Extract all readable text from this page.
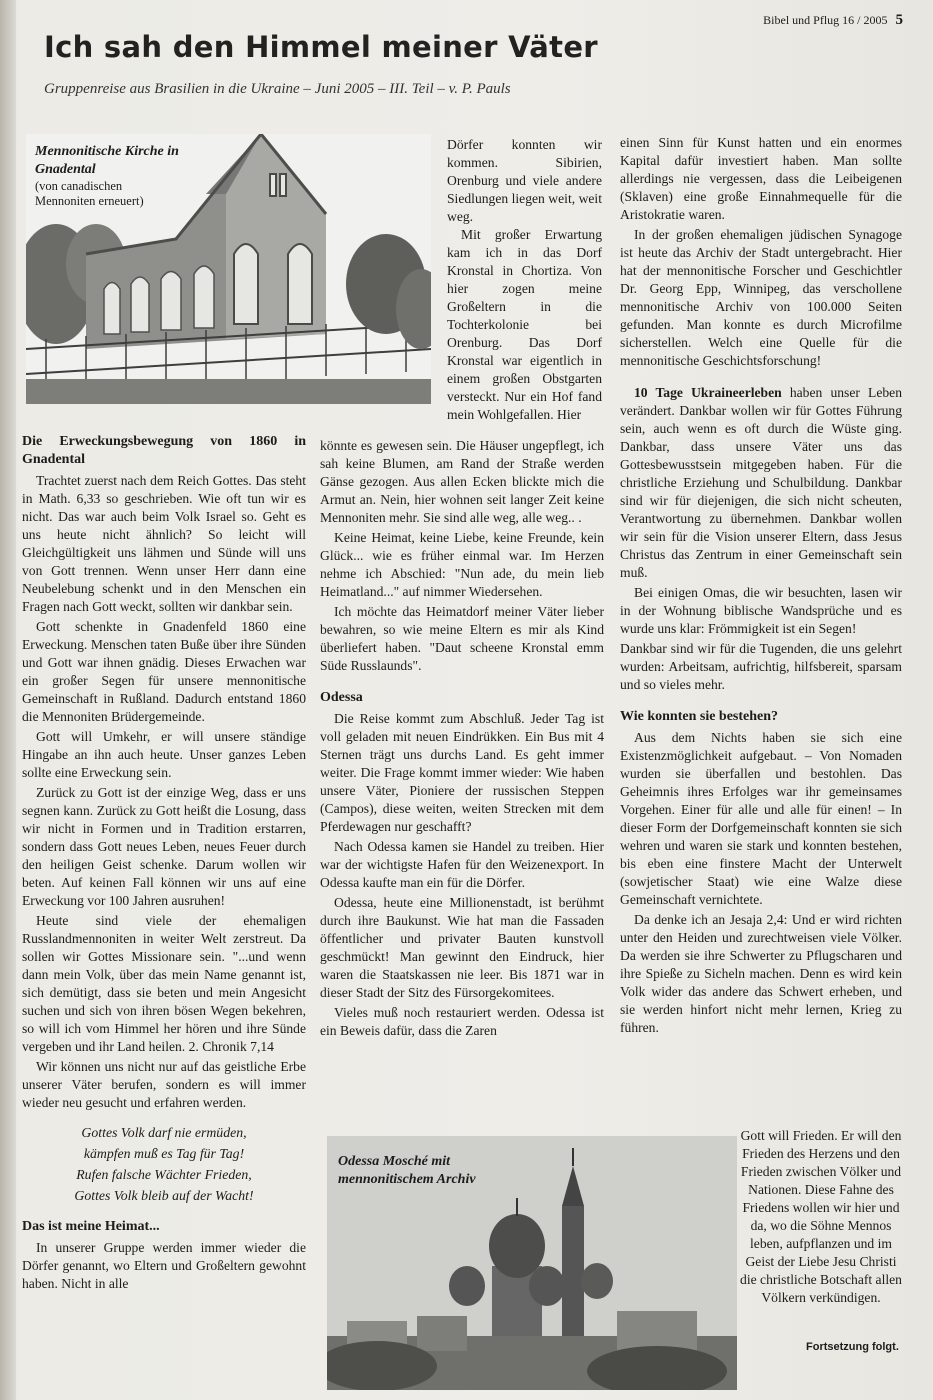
Bibel und Pflug 16 / 2005 5
Ich sah den Himmel meiner Väter
Gruppenreise aus Brasilien in die Ukraine – Juni 2005 – III. Teil – v. P. Pauls
Mennonitische Kirche in Gnadental
(von canadischen Mennoniten erneuert)
Die Erweckungsbewegung von 1860 in Gnadental

Trachtet zuerst nach dem Reich Gottes. Das steht in Math. 6,33 so geschrieben. Wie oft tun wir es nicht. Das war auch beim Volk Israel so. Geht es uns heute nicht ähnlich? So leicht will Gleichgültigkeit uns lähmen und Sünde will uns von Gott trennen. Wenn unser Herr dann eine Neubelebung schenkt und in den Menschen ein Fragen nach Gott weckt, sollten wir dankbar sein.

Gott schenkte in Gnadenfeld 1860 eine Erweckung. Menschen taten Buße über ihre Sünden und Gott war ihnen gnädig. Dieses Erwachen war ein großer Segen für unsere mennonitische Gemeinschaft in Rußland. Dadurch entstand 1860 die Mennoniten Brüdergemeinde.

Gott will Umkehr, er will unsere ständige Hingabe an ihn auch heute. Unser ganzes Leben sollte eine Erweckung sein.

Zurück zu Gott ist der einzige Weg, dass er uns segnen kann. Zurück zu Gott heißt die Losung, dass wir nicht in Formen und in Tradition erstarren, sondern dass Gott neues Leben, neues Feuer durch den heiligen Geist schenke. Darum wollen wir beten. Auf keinen Fall können wir uns auf eine Erweckung vor 100 Jahren ausruhen!

Heute sind viele der ehemaligen Russlandmennoniten in weiter Welt zerstreut. Da sollen wir Gottes Missionare sein. "...und wenn dann mein Volk, über das mein Name genannt ist, sich demütigt, dass sie beten und mein Angesicht suchen und sich von ihren bösen Wegen bekehren, so will ich vom Himmel her hören und ihre Sünde vergeben und ihr Land heilen. 2. Chronik 7,14

Wir können uns nicht nur auf das geistliche Erbe unserer Väter berufen, sondern es will immer wieder neu gesucht und erfahren werden.

Gottes Volk darf nie ermüden,

kämpfen muß es Tag für Tag!

Rufen falsche Wächter Frieden,

Gottes Volk bleib auf der Wacht!

Das ist meine Heimat...

In unserer Gruppe werden immer wieder die Dörfer genannt, wo Eltern und Großeltern gewohnt haben. Nicht in alle

Dörfer konnten wir kommen. Sibirien, Orenburg und viele andere Siedlungen liegen weit, weit weg.

Mit großer Erwartung kam ich in das Dorf Kronstal in Chortiza. Von hier zogen meine Großeltern in die Tochterkolonie bei Orenburg. Das Dorf Kronstal war eigentlich in einem großen Obstgarten versteckt. Nur ein Hof fand mein Wohlgefallen. Hier

könnte es gewesen sein. Die Häuser ungepflegt, ich sah keine Blumen, am Rand der Straße werden Gänse gezogen. Aus allen Ecken blickte mich die Armut an. Nein, hier wohnen seit langer Zeit keine Mennoniten mehr. Sie sind alle weg, alle weg.. .

Keine Heimat, keine Liebe, keine Freunde, kein Glück... wie es früher einmal war. Im Herzen nehme ich Abschied: "Nun ade, du mein lieb Heimatland..." auf nimmer Wiedersehen.

Ich möchte das Heimatdorf meiner Väter lieber bewahren, so wie meine Eltern es mir als Kind überliefert haben. "Daut scheene Kronstal emm Süde Russlaunds".

Odessa

Die Reise kommt zum Abschluß. Jeder Tag ist voll geladen mit neuen Eindrükken. Ein Bus mit 4 Sternen trägt uns durchs Land. Es geht immer weiter. Die Frage kommt immer wieder: Wie haben unsere Väter, Pioniere der russischen Steppen (Campos), diese weiten, weiten Strecken mit dem Pferdewagen nur geschafft?

Nach Odessa kamen sie Handel zu treiben. Hier war der wichtigste Hafen für den Weizenexport. In Odessa kaufte man ein für die Dörfer.

Odessa, heute eine Millionenstadt, ist berühmt durch ihre Baukunst. Wie hat man die Fassaden öffentlicher und privater Bauten kunstvoll geschmückt! Man gewinnt den Eindruck, hier waren die Staatskassen nie leer. Bis 1871 war in dieser Stadt der Sitz des Fürsorgekomitees.

Vieles muß noch restauriert werden. Odessa ist ein Beweis dafür, dass die Zaren

einen Sinn für Kunst hatten und ein enormes Kapital dafür investiert haben. Man sollte allerdings nie vergessen, dass die Leibeigenen (Sklaven) eine große Einnahmequelle für die Aristokratie waren.

In der großen ehemaligen jüdischen Synagoge ist heute das Archiv der Stadt untergebracht. Hier hat der mennonitische Forscher und Geschichtler Dr. Georg Epp, Winnipeg, das verschollene mennonitische Archiv von 100.000 Seiten gefunden. Man konnte es durch Microfilme sicherstellen. Welch eine Quelle für die mennonitische Geschichtsforschung!

10 Tage Ukraineerleben haben unser Leben verändert. Dankbar wollen wir für Gottes Führung sein, auch wenn es oft durch die Wüste ging. Dankbar, dass unsere Väter uns das Gottesbewusstsein mitgegeben haben. Für die christliche Erziehung und Schulbildung. Dankbar sind wir für diejenigen, die sich nicht scheuten, Verantwortung zu übernehmen. Dankbar wollen wir sein für die Vision unserer Eltern, dass Jesus Christus das Zentrum in einer Gemeinschaft sein muß.

Bei einigen Omas, die wir besuchten, lasen wir in der Wohnung biblische Wandsprüche und es wurde uns klar: Frömmigkeit ist ein Segen!

Dankbar sind wir für die Tugenden, die uns gelehrt wurden: Arbeitsam, aufrichtig, hilfsbereit, sparsam und so vieles mehr.

Wie konnten sie bestehen?

Aus dem Nichts haben sie sich eine Existenzmöglichkeit aufgebaut. – Von Nomaden wurden sie überfallen und bestohlen. Das Geheimnis ihres Erfolges war ihr gemeinsames Vorgehen. Einer für alle und alle für einen! – In dieser Form der Dorfgemeinschaft konnten sie sich wehren und waren sie stark und konnten bestehen, bis eben eine finstere Macht der Unterwelt (sowjetischer Staat) wie eine Walze diese Gemeinschaft vernichtete.

Da denke ich an Jesaja 2,4: Und er wird richten unter den Heiden und zurechtweisen viele Völker. Da werden sie ihre Schwerter zu Pflugscharen und ihre Spieße zu Sicheln machen. Denn es wird kein Volk wider das andere das Schwert erheben, und sie werden hinfort nicht mehr lernen, Krieg zu führen.

Gott will Frieden. Er will den Frieden des Herzens und den Frieden zwischen Völker und Nationen. Diese Fahne des Friedens wollen wir hier und da, wo die Söhne Mennos leben, aufpflanzen und im Geist der Liebe Jesu Christi die christliche Botschaft allen Völkern verkündigen.

Fortsetzung folgt.
Odessa Mosché mit mennonitischem Archiv
